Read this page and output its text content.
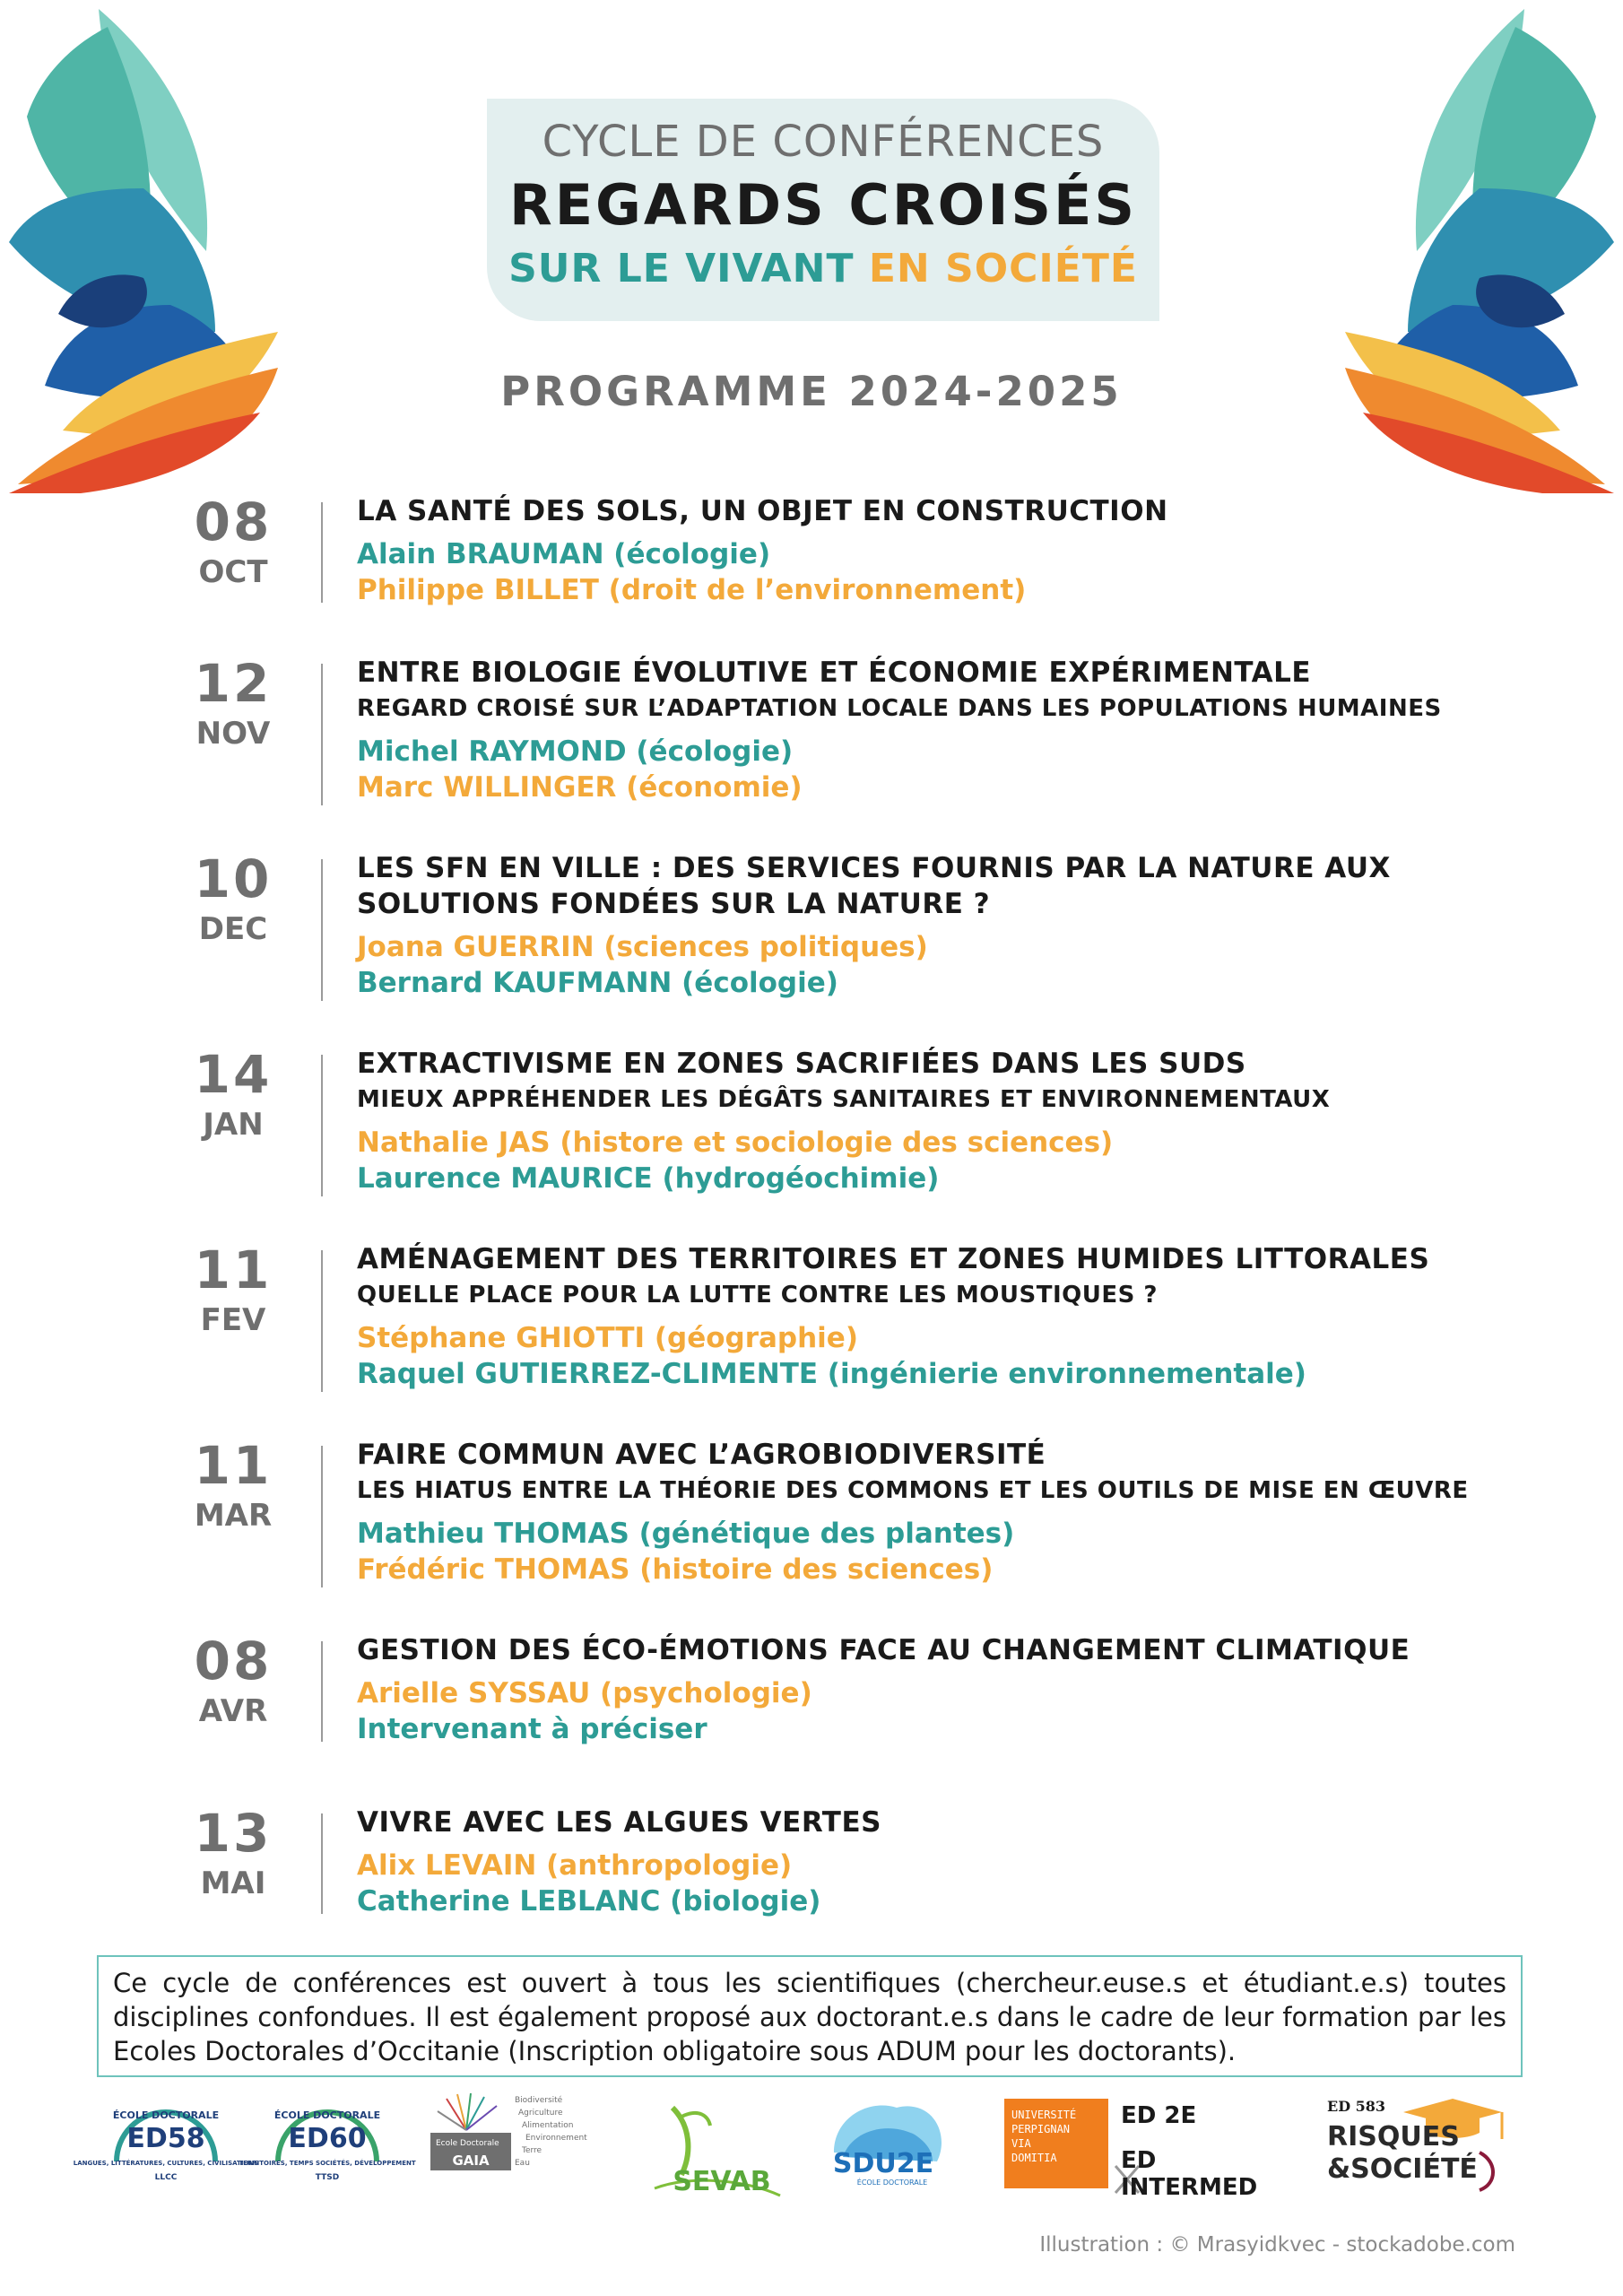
CYCLE DE CONFÉRENCES
REGARDS CROISÉS
SUR LE VIVANT EN SOCIÉTÉ
PROGRAMME 2024-2025
08
OCT
LA SANTÉ DES SOLS, UN OBJET EN CONSTRUCTION
Alain BRAUMAN (écologie)
Philippe BILLET (droit de l’environnement)
12
NOV
ENTRE BIOLOGIE ÉVOLUTIVE ET ÉCONOMIE EXPÉRIMENTALE
REGARD CROISÉ SUR L’ADAPTATION LOCALE DANS LES POPULATIONS HUMAINES
Michel RAYMOND (écologie)
Marc WILLINGER (économie)
10
DEC
LES SFN EN VILLE : DES SERVICES FOURNIS PAR LA NATURE AUX
SOLUTIONS FONDÉES SUR LA NATURE ?
Joana GUERRIN (sciences politiques)
Bernard KAUFMANN (écologie)
14
JAN
EXTRACTIVISME EN ZONES SACRIFIÉES DANS LES SUDS
MIEUX APPRÉHENDER LES DÉGÂTS SANITAIRES ET ENVIRONNEMENTAUX
Nathalie JAS (histore et sociologie des sciences)
Laurence MAURICE (hydrogéochimie)
11
FEV
AMÉNAGEMENT DES TERRITOIRES ET ZONES HUMIDES LITTORALES
QUELLE PLACE POUR LA LUTTE CONTRE LES MOUSTIQUES ?
Stéphane GHIOTTI (géographie)
Raquel GUTIERREZ-CLIMENTE (ingénierie environnementale)
11
MAR
FAIRE COMMUN AVEC L’AGROBIODIVERSITÉ
LES HIATUS ENTRE LA THÉORIE DES COMMONS ET LES OUTILS DE MISE EN ŒUVRE
Mathieu THOMAS (génétique des plantes)
Frédéric THOMAS (histoire des sciences)
08
AVR
GESTION DES ÉCO-ÉMOTIONS FACE AU CHANGEMENT CLIMATIQUE
Arielle SYSSAU (psychologie)
Intervenant à préciser
13
MAI
VIVRE AVEC LES ALGUES VERTES
Alix LEVAIN (anthropologie)
Catherine LEBLANC (biologie)
Ce cycle de conférences est ouvert à tous les scientifiques (chercheur.euse.s et étudiant.e.s) toutes disciplines confondues. Il est également proposé aux doctorant.e.s dans le cadre de leur formation par les Ecoles Doctorales d’Occitanie (Inscription obligatoire sous ADUM pour les doctorants).
ÉCOLE DOCTORALE
ED58
LANGUES, LITTÉRATURES, CULTURES, CIVILISATIONS
LLCC
ÉCOLE DOCTORALE
ED60
TERRITOIRES, TEMPS SOCIÉTÉS, DÉVELOPPEMENT
TTSD
Ecole Doctorale
GAIA
Biodiversité
Agriculture
Alimentation
Environnement
Terre
Eau
SEVAB
SDU2E
ÉCOLE DOCTORALE
UNIVERSITÉ
PERPIGNAN
VIA
DOMITIA
ED 2E
ED INTERMED
ED 583
RISQUES
&SOCIÉTÉ
Illustration : © Mrasyidkvec - stockadobe.com
